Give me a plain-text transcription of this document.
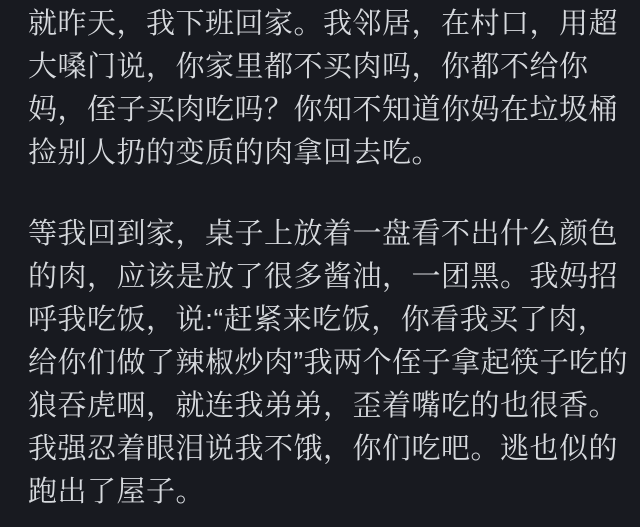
就昨天，我下班回家。我邻居，在村口，用超
大嗓门说，你家里都不买肉吗，你都不给你
妈，侄子买肉吃吗？你知不知道你妈在垃圾桶
捡别人扔的变质的肉拿回去吃。

等我回到家，桌子上放着一盘看不出什么颜色
的肉，应该是放了很多酱油，一团黑。我妈招
呼我吃饭，说:“赶紧来吃饭，你看我买了肉，
给你们做了辣椒炒肉”我两个侄子拿起筷子吃的
狼吞虎咽，就连我弟弟，歪着嘴吃的也很香。
我强忍着眼泪说我不饿，你们吃吧。逃也似的
跑出了屋子。
